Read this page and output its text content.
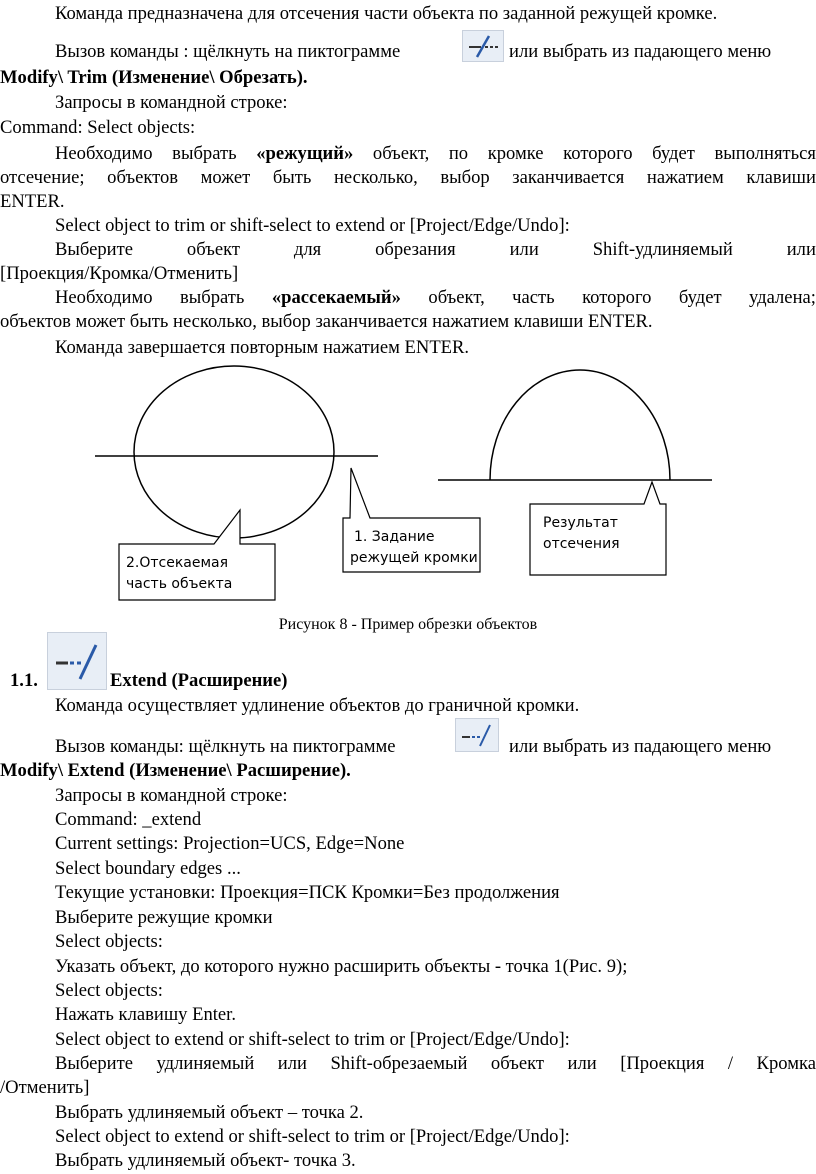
Команда предназначена для отсечения части объекта по заданной режущей кромке.
Вызов команды : щёлкнуть на пиктограмме	или выбрать из падающего меню
Modify\ Trim (Изменение\ Обрезать).
Запросы в командной строке:
Command: Select objects:
Необходимо выбрать «режущий» объект, по кромке которого будет выполняться
отсечение; объектов может быть несколько, выбор заканчивается нажатием клавиши
ENTER.
Select object to trim or shift-select to extend or [Project/Edge/Undo]:
Выберите	объект	для	обрезания	или	Shift-удлиняемый	или
[Проекция/Кромка/Отменить]
Необходимо выбрать «рассекаемый» объект, часть которого будет удалена;
объектов может быть несколько, выбор заканчивается нажатием клавиши ENTER.
Команда завершается повторным нажатием ENTER.
2.Отсекаемая
часть объекта
1. Задание
режущей кромки
Результат
отсечения
Рисунок 8 - Пример обрезки объектов
1.1.	Extend (Расширение)
Команда осуществляет удлинение объектов до граничной кромки.
Вызов команды: щёлкнуть на пиктограмме	или выбрать из падающего меню
Modify\ Extend (Изменение\ Расширение).
Запросы в командной строке:
Command: _extend
Current settings: Projection=UCS, Edge=None
Select boundary edges ...
Текущие установки: Проекция=ПСК Кромки=Без продолжения
Выберите режущие кромки
Select objects:
Указать объект, до которого нужно расширить объекты - точка 1(Рис. 9);
Select objects:
Нажать клавишу Enter.
Select object to extend or shift-select to trim or [Project/Edge/Undo]:
Выберите удлиняемый или Shift-обрезаемый объект или [Проекция / Кромка
/Отменить]
Выбрать удлиняемый объект – точка 2.
Select object to extend or shift-select to trim or [Project/Edge/Undo]:
Выбрать удлиняемый объект- точка 3.
